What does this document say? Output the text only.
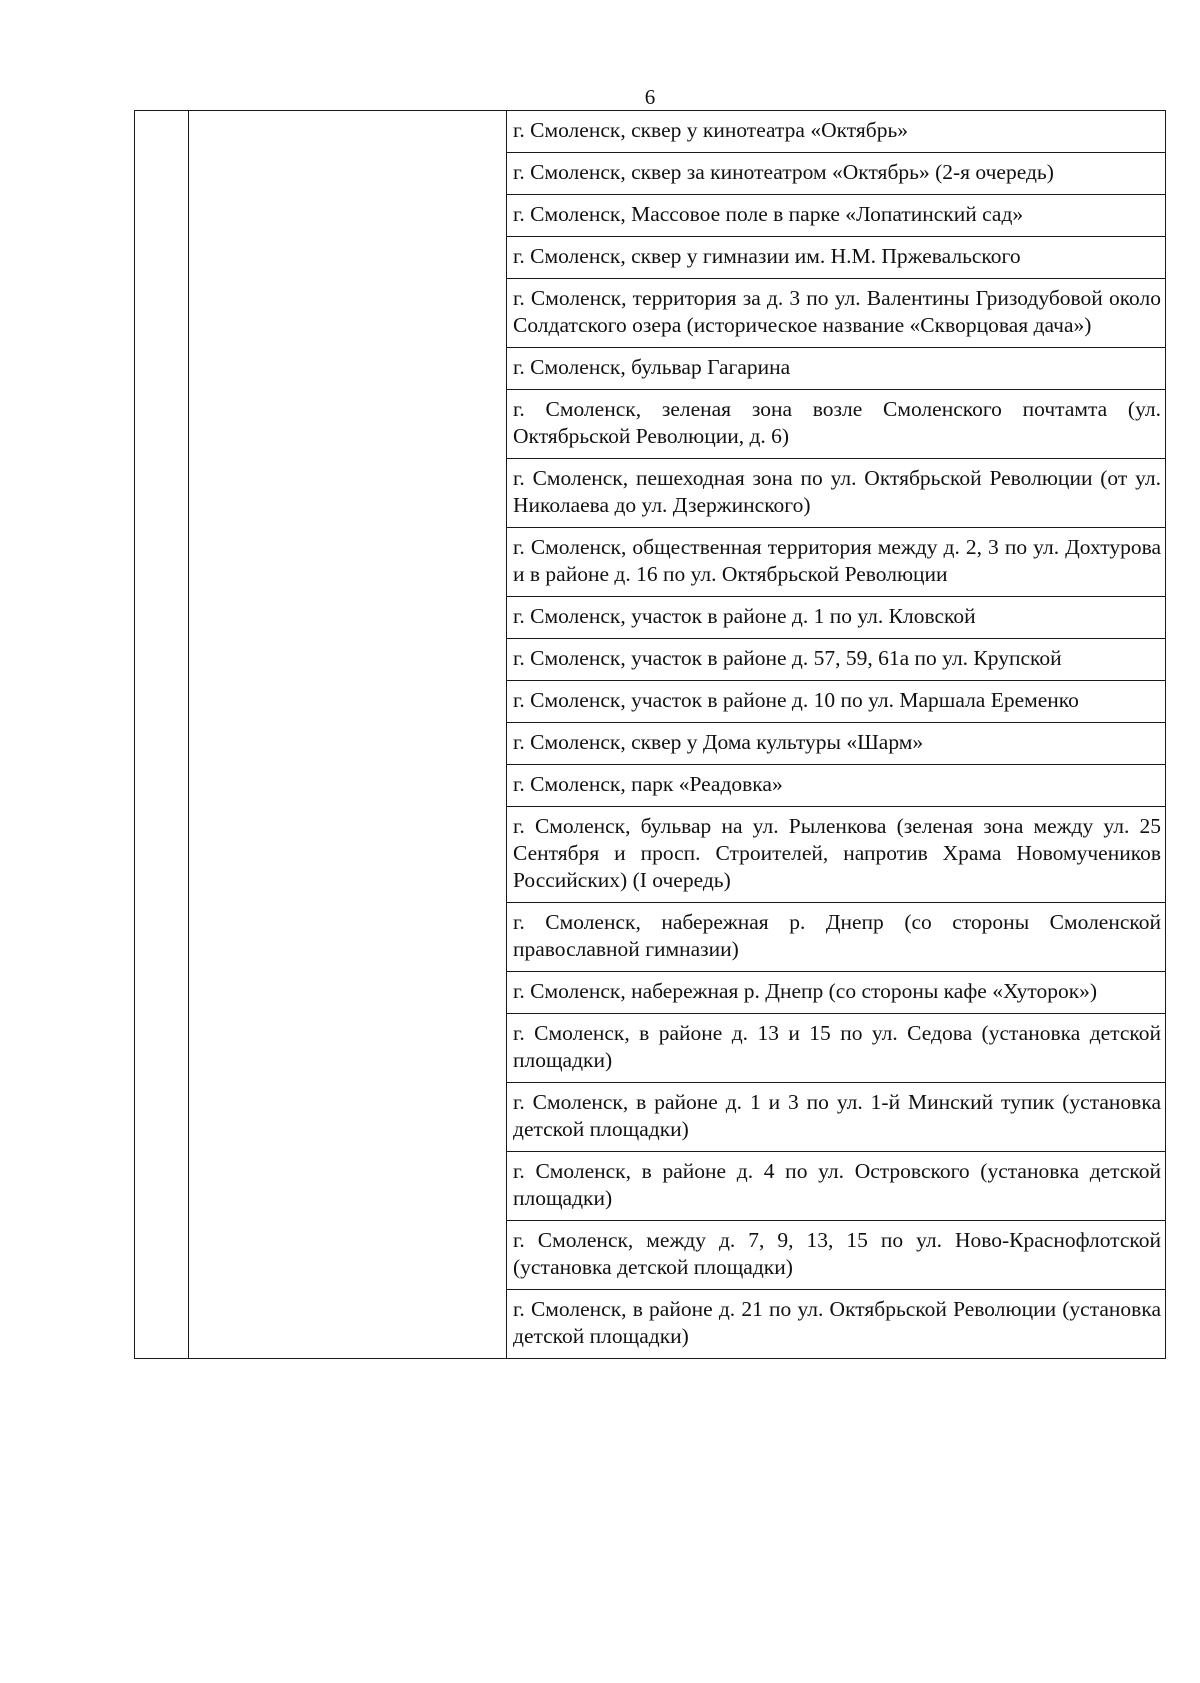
6

г. Смоленск, сквер у кинотеатра «Октябрь»

г. Смоленск, сквер за кинотеатром «Октябрь» (2-я очередь)

г. Смоленск, Массовое поле в парке «Лопатинский сад»

г. Смоленск, сквер у гимназии им. Н.М. Пржевальского

г. Смоленск, территория за д. 3 по ул. Валентины Гризодубовой около Солдатского озера (историческое название «Скворцовая дача»)

г. Смоленск, бульвар Гагарина

г. Смоленск, зеленая зона возле Смоленского почтамта (ул. Октябрьской Революции, д. 6)

г. Смоленск, пешеходная зона по ул. Октябрьской Революции (от ул. Николаева до ул. Дзержинского)

г. Смоленск, общественная территория между д. 2, 3 по ул. Дохтурова и в районе д. 16 по ул. Октябрьской Революции

г. Смоленск, участок в районе д. 1 по ул. Кловской

г. Смоленск, участок в районе д. 57, 59, 61а по ул. Крупской

г. Смоленск, участок в районе д. 10 по ул. Маршала Еременко

г. Смоленск, сквер у Дома культуры «Шарм»

г. Смоленск, парк «Реадовка»

г. Смоленск, бульвар на ул. Рыленкова (зеленая зона между ул. 25 Сентября и просп. Строителей, напротив Храма Новомучеников Российских) (I очередь)

г. Смоленск, набережная р. Днепр (со стороны Смоленской православной гимназии)

г. Смоленск, набережная р. Днепр (со стороны кафе «Хуторок»)

г. Смоленск, в районе д. 13 и 15 по ул. Седова (установка детской площадки)

г. Смоленск, в районе д. 1 и 3 по ул. 1-й Минский тупик (установка детской площадки)

г. Смоленск, в районе д. 4 по ул. Островского (установка детской площадки)

г. Смоленск, между д. 7, 9, 13, 15 по ул. Ново-Краснофлотской (установка детской площадки)

г. Смоленск, в районе д. 21 по ул. Октябрьской Революции (установка детской площадки)
